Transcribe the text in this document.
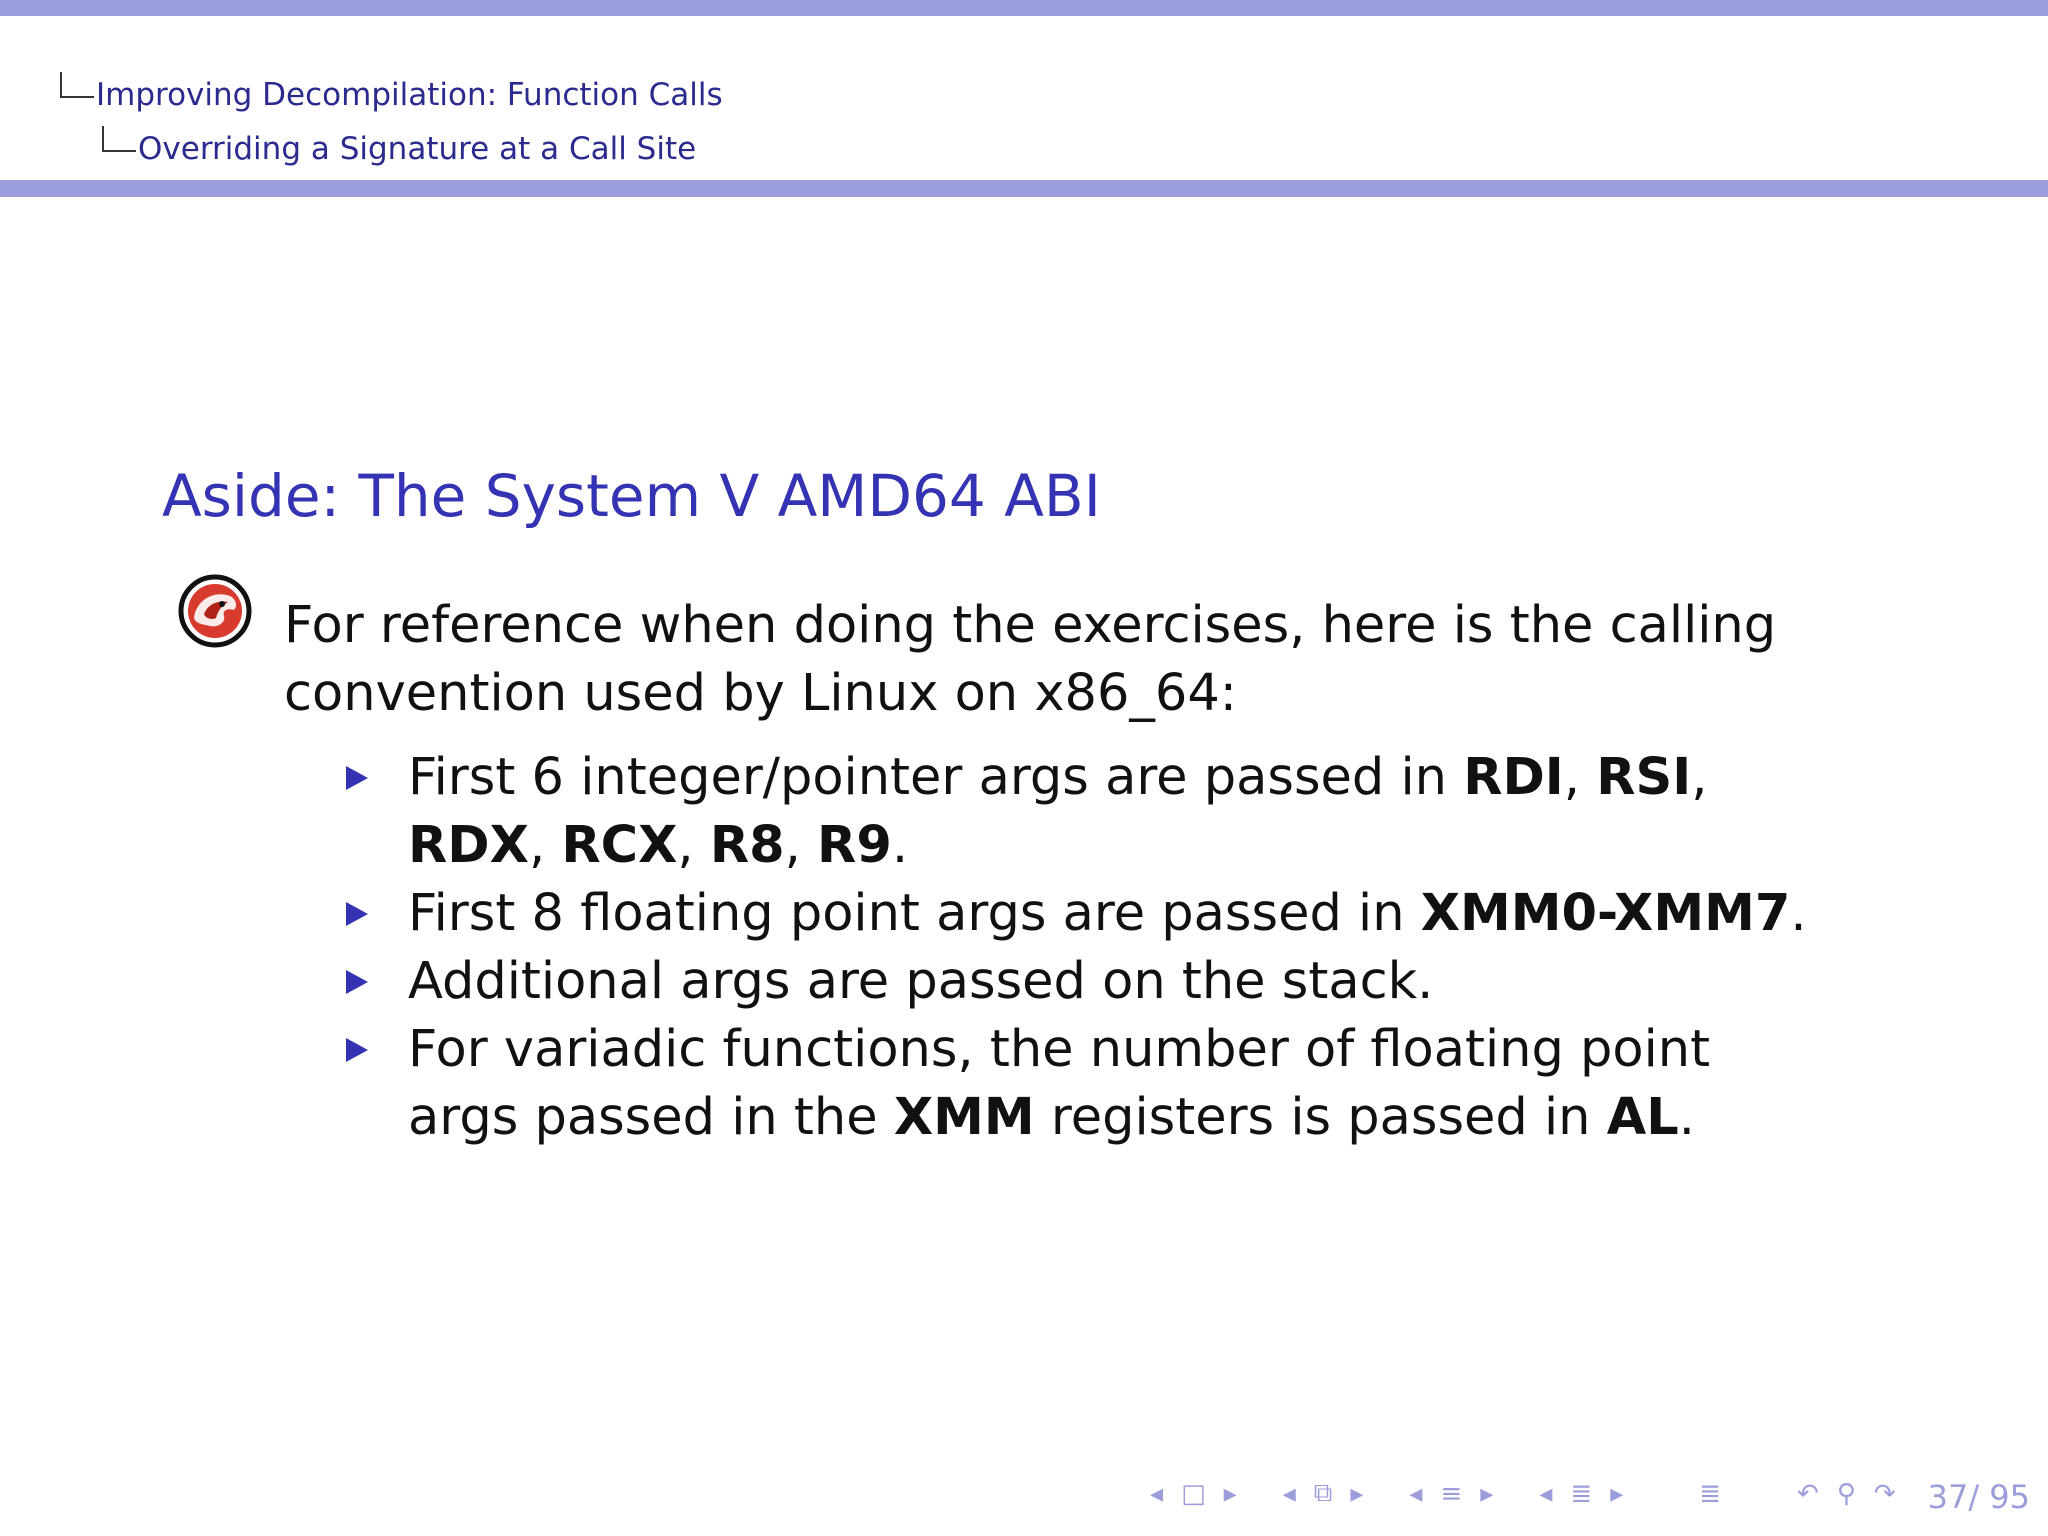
Improving Decompilation: Function Calls
Overriding a Signature at a Call Site
Aside: The System V AMD64 ABI
For reference when doing the exercises, here is the calling convention used by Linux on x86_64:
First 6 integer/pointer args are passed in RDI, RSI, RDX, RCX, R8, R9.
First 8 floating point args are passed in XMM0-XMM7.
Additional args are passed on the stack.
For variadic functions, the number of floating point args passed in the XMM registers is passed in AL.
◂ □ ▸ ◂ ⧉ ▸ ◂ ≡ ▸ ◂ ≣ ▸	≣	↶ ⚲ ↷ 37/ 95
